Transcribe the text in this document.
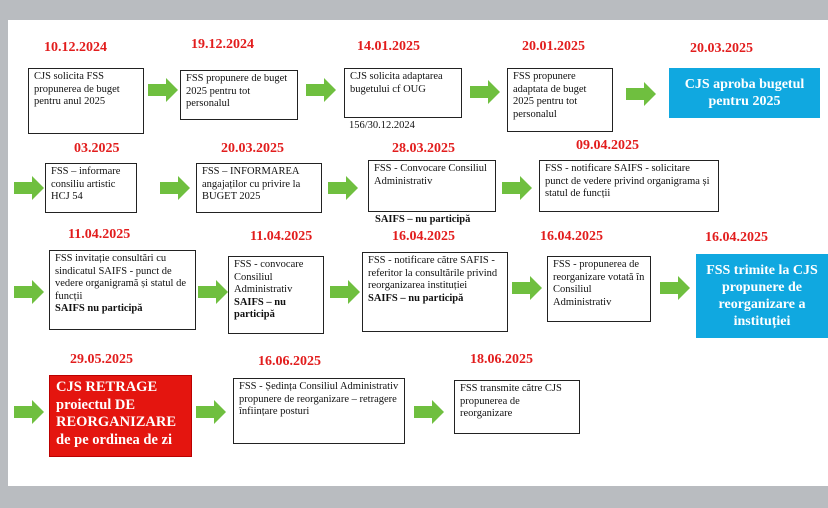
10.12.2024
CJS solicita FSS propunerea de buget pentru anul 2025
19.12.2024
FSS propunere de buget 2025 pentru tot personalul
14.01.2025
CJS solicita adaptarea bugetului cf OUG
156/30.12.2024
20.01.2025
FSS propunere adaptata de buget 2025 pentru tot personalul
20.03.2025
CJS aproba bugetul pentru 2025
03.2025
FSS – informare consiliu artistic HCJ 54
20.03.2025
FSS – INFORMAREA angajaților cu privire la BUGET 2025
28.03.2025
FSS - Convocare Consiliul Administrativ
SAIFS – nu participă
09.04.2025
FSS - notificare SAIFS - solicitare punct de vedere privind organigrama și statul de funcții
11.04.2025
FSS invitație consultări cu sindicatul SAIFS - punct de vedere organigramă și statul de funcții
SAIFS nu participă
11.04.2025
FSS - convocare Consiliul Administrativ
SAIFS – nu participă
16.04.2025
FSS - notificare către SAFIS - referitor la consultările privind reorganizarea instituției
SAIFS – nu participă
16.04.2025
FSS - propunerea de reorganizare votată în Consiliul Administrativ
16.04.2025
FSS trimite la CJS propunere de reorganizare a instituției
29.05.2025
CJS RETRAGE proiectul DE REORGANIZARE de pe ordinea de zi
16.06.2025
FSS - Ședința Consiliul Administrativ propunere de reorganizare – retragere înființare posturi
18.06.2025
FSS transmite către CJS propunerea de reorganizare
